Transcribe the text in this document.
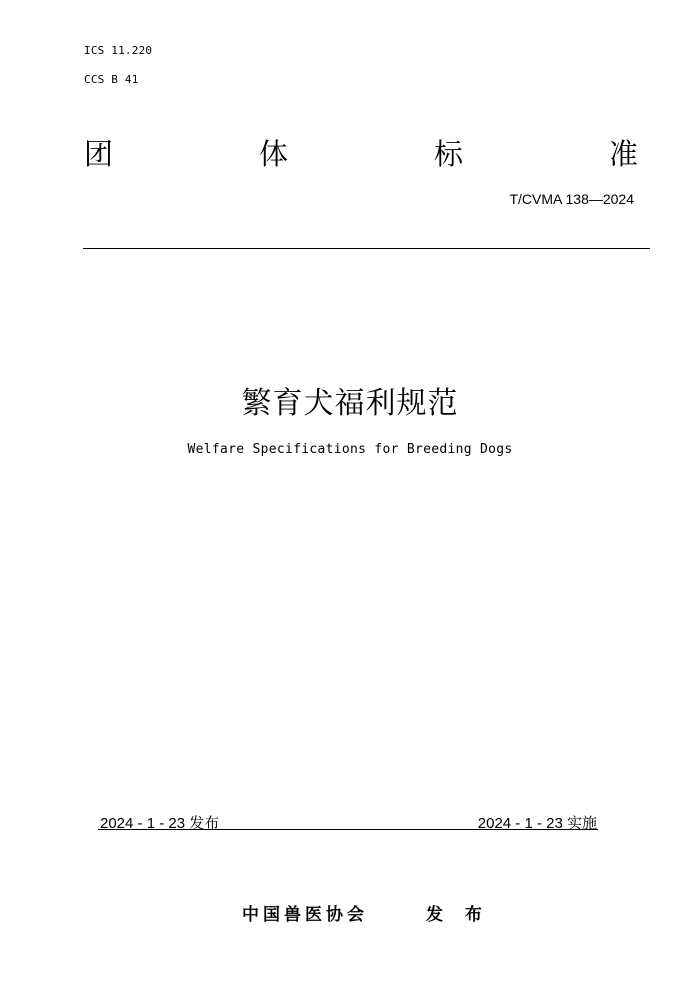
ICS 11.220
CCS B 41
团	体	标	准
T/CVMA 138—2024
繁育犬福利规范
Welfare Specifications for Breeding Dogs
2024 - 1 - 23 发布	2024 - 1 - 23 实施
中国兽医协会	发 布
